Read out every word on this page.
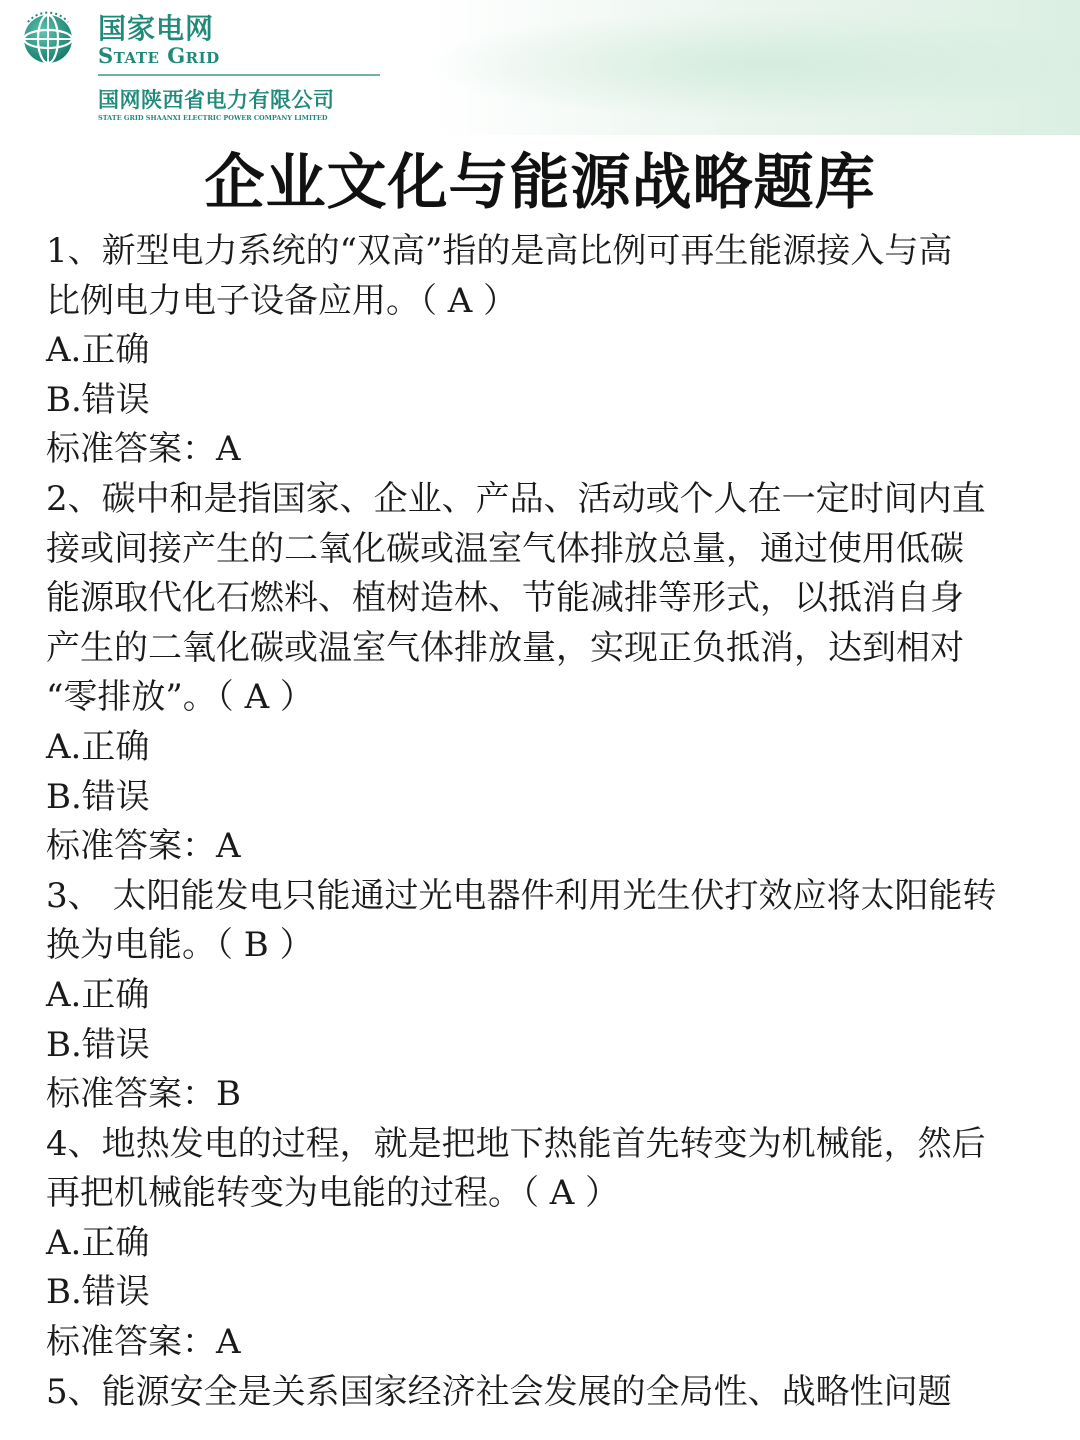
国家电网
State Grid
国网陕西省电力有限公司
STATE GRID SHAANXI ELECTRIC POWER COMPANY LIMITED
企业文化与能源战略题库
1、新型电力系统的“双高”指的是高比例可再生能源接入与高
比例电力电子设备应用。（ A ）
A.正确
B.错误
标准答案：A
2、碳中和是指国家、企业、产品、活动或个人在一定时间内直
接或间接产生的二氧化碳或温室气体排放总量，通过使用低碳
能源取代化石燃料、植树造林、节能减排等形式，以抵消自身
产生的二氧化碳或温室气体排放量，实现正负抵消，达到相对
“零排放”。（ A ）
A.正确
B.错误
标准答案：A
3、 太阳能发电只能通过光电器件利用光生伏打效应将太阳能转
换为电能。（ B ）
A.正确
B.错误
标准答案：B
4、地热发电的过程，就是把地下热能首先转变为机械能，然后
再把机械能转变为电能的过程。（ A ）
A.正确
B.错误
标准答案：A
5、能源安全是关系国家经济社会发展的全局性、战略性问题
